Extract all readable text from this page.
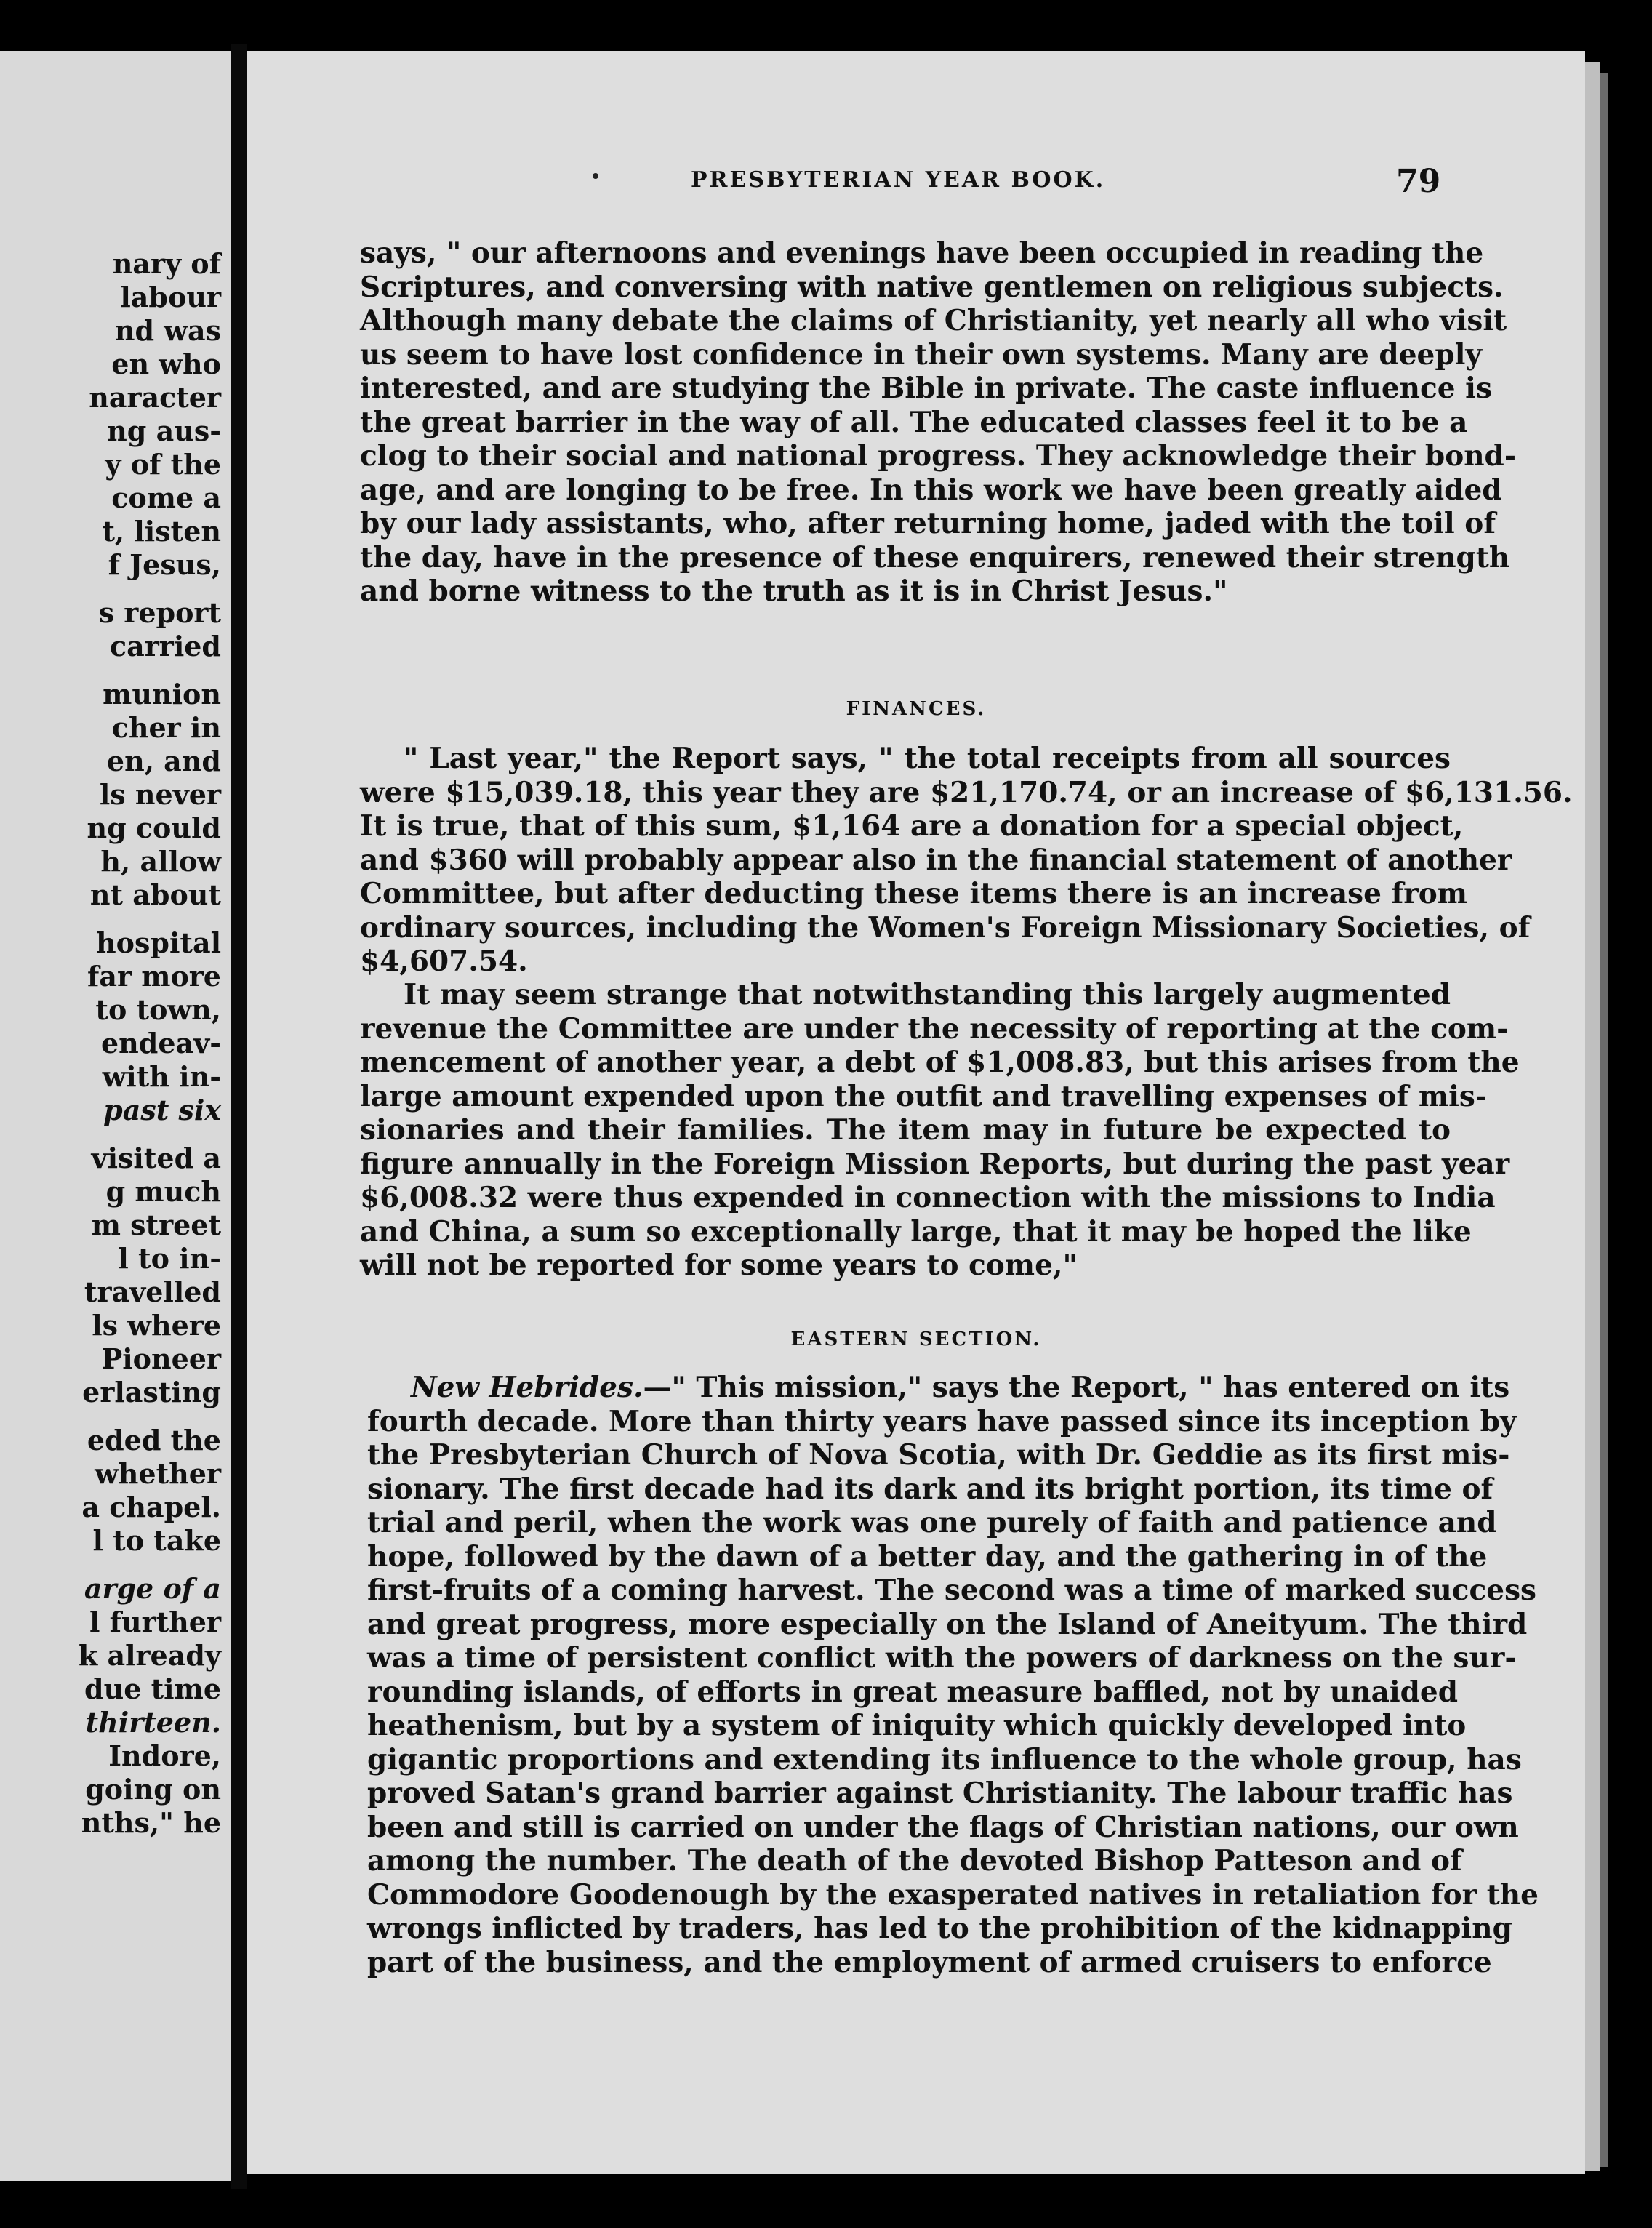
nary of
labour
nd was
en who
naracter
ng aus-
y of the
come a
t, listen
f Jesus,
s report
carried
munion
cher in
en, and
ls never
ng could
h, allow
nt about
hospital
far more
to town,
endeav-
with in-
past six
visited a
g much
m street
l to in-
travelled
ls where
Pioneer
erlasting
eded the
whether
a chapel.
l to take
arge of a
l further
k already
due time
thirteen.
Indore,
going on
nths," he
PRESBYTERIAN YEAR BOOK.	79
says, " our afternoons and evenings have been occupied in reading the
Scriptures, and conversing with native gentlemen on religious subjects.
Although many debate the claims of Christianity, yet nearly all who visit
us seem to have lost confidence in their own systems. Many are deeply
interested, and are studying the Bible in private. The caste influence is
the great barrier in the way of all. The educated classes feel it to be a
clog to their social and national progress. They acknowledge their bond-
age, and are longing to be free. In this work we have been greatly aided
by our lady assistants, who, after returning home, jaded with the toil of
the day, have in the presence of these enquirers, renewed their strength
and borne witness to the truth as it is in Christ Jesus."
FINANCES.
" Last year," the Report says, " the total receipts from all sources
were $15,039.18, this year they are $21,170.74, or an increase of $6,131.56.
It is true, that of this sum, $1,164 are a donation for a special object,
and $360 will probably appear also in the financial statement of another
Committee, but after deducting these items there is an increase from
ordinary sources, including the Women's Foreign Missionary Societies, of
$4,607.54.
It may seem strange that notwithstanding this largely augmented
revenue the Committee are under the necessity of reporting at the com-
mencement of another year, a debt of $1,008.83, but this arises from the
large amount expended upon the outfit and travelling expenses of mis-
sionaries and their families. The item may in future be expected to
figure annually in the Foreign Mission Reports, but during the past year
$6,008.32 were thus expended in connection with the missions to India
and China, a sum so exceptionally large, that it may be hoped the like
will not be reported for some years to come,"
EASTERN SECTION.
New Hebrides.—" This mission," says the Report, " has entered on its
fourth decade. More than thirty years have passed since its inception by
the Presbyterian Church of Nova Scotia, with Dr. Geddie as its first mis-
sionary. The first decade had its dark and its bright portion, its time of
trial and peril, when the work was one purely of faith and patience and
hope, followed by the dawn of a better day, and the gathering in of the
first-fruits of a coming harvest. The second was a time of marked success
and great progress, more especially on the Island of Aneityum. The third
was a time of persistent conflict with the powers of darkness on the sur-
rounding islands, of efforts in great measure baffled, not by unaided
heathenism, but by a system of iniquity which quickly developed into
gigantic proportions and extending its influence to the whole group, has
proved Satan's grand barrier against Christianity. The labour traffic has
been and still is carried on under the flags of Christian nations, our own
among the number. The death of the devoted Bishop Patteson and of
Commodore Goodenough by the exasperated natives in retaliation for the
wrongs inflicted by traders, has led to the prohibition of the kidnapping
part of the business, and the employment of armed cruisers to enforce
